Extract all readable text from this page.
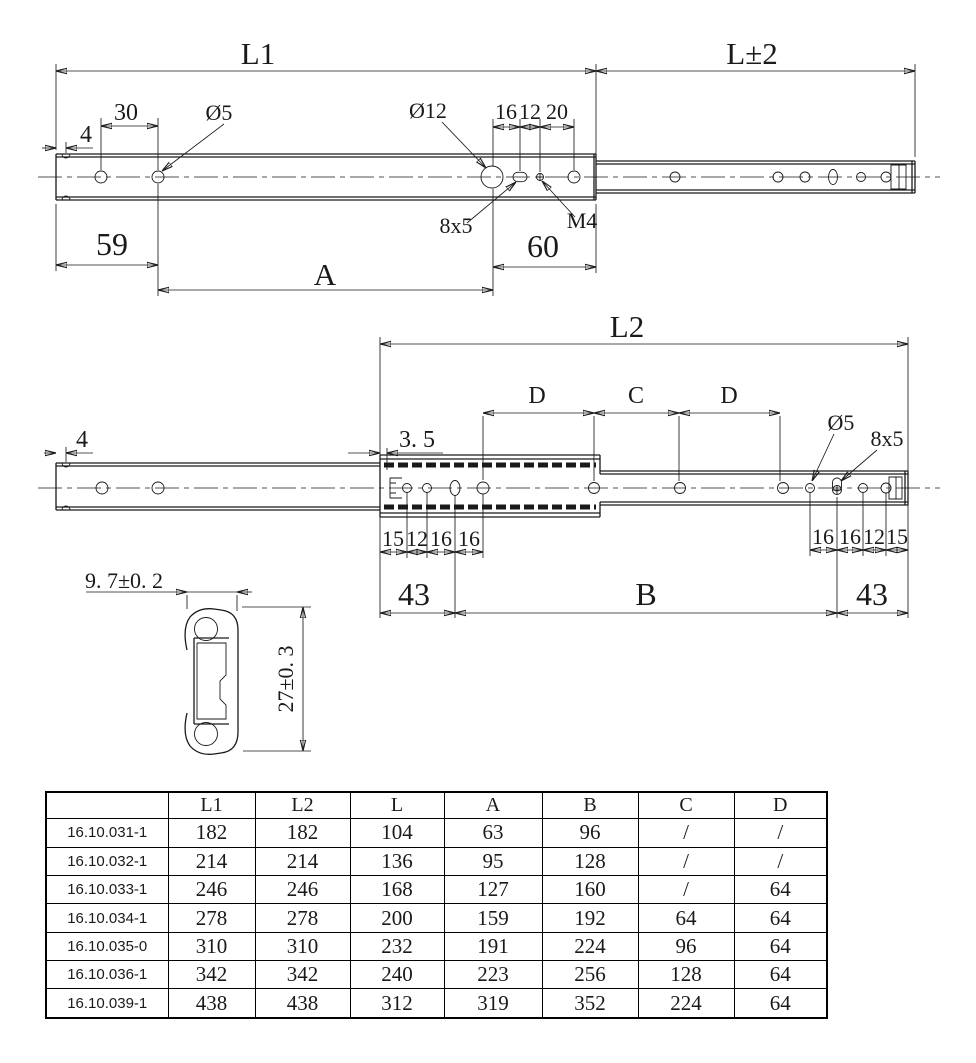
L1	L±2
30
4
Ø5	Ø12 16 12 20
8x5	M4
59	60
A
L2
D	C	D
4	3. 5
Ø5
8x5
15 12 16 16	16 16 12 15
43	B	43
9. 7±0. 2
27±0. 3
	L1	L2	L	A	B	C	D
16.10.031-1	182	182	104	63	96	/	/
16.10.032-1	214	214	136	95	128	/	/
16.10.033-1	246	246	168	127	160	/	64
16.10.034-1	278	278	200	159	192	64	64
16.10.035-0	310	310	232	191	224	96	64
16.10.036-1	342	342	240	223	256	128	64
16.10.039-1	438	438	312	319	352	224	64
